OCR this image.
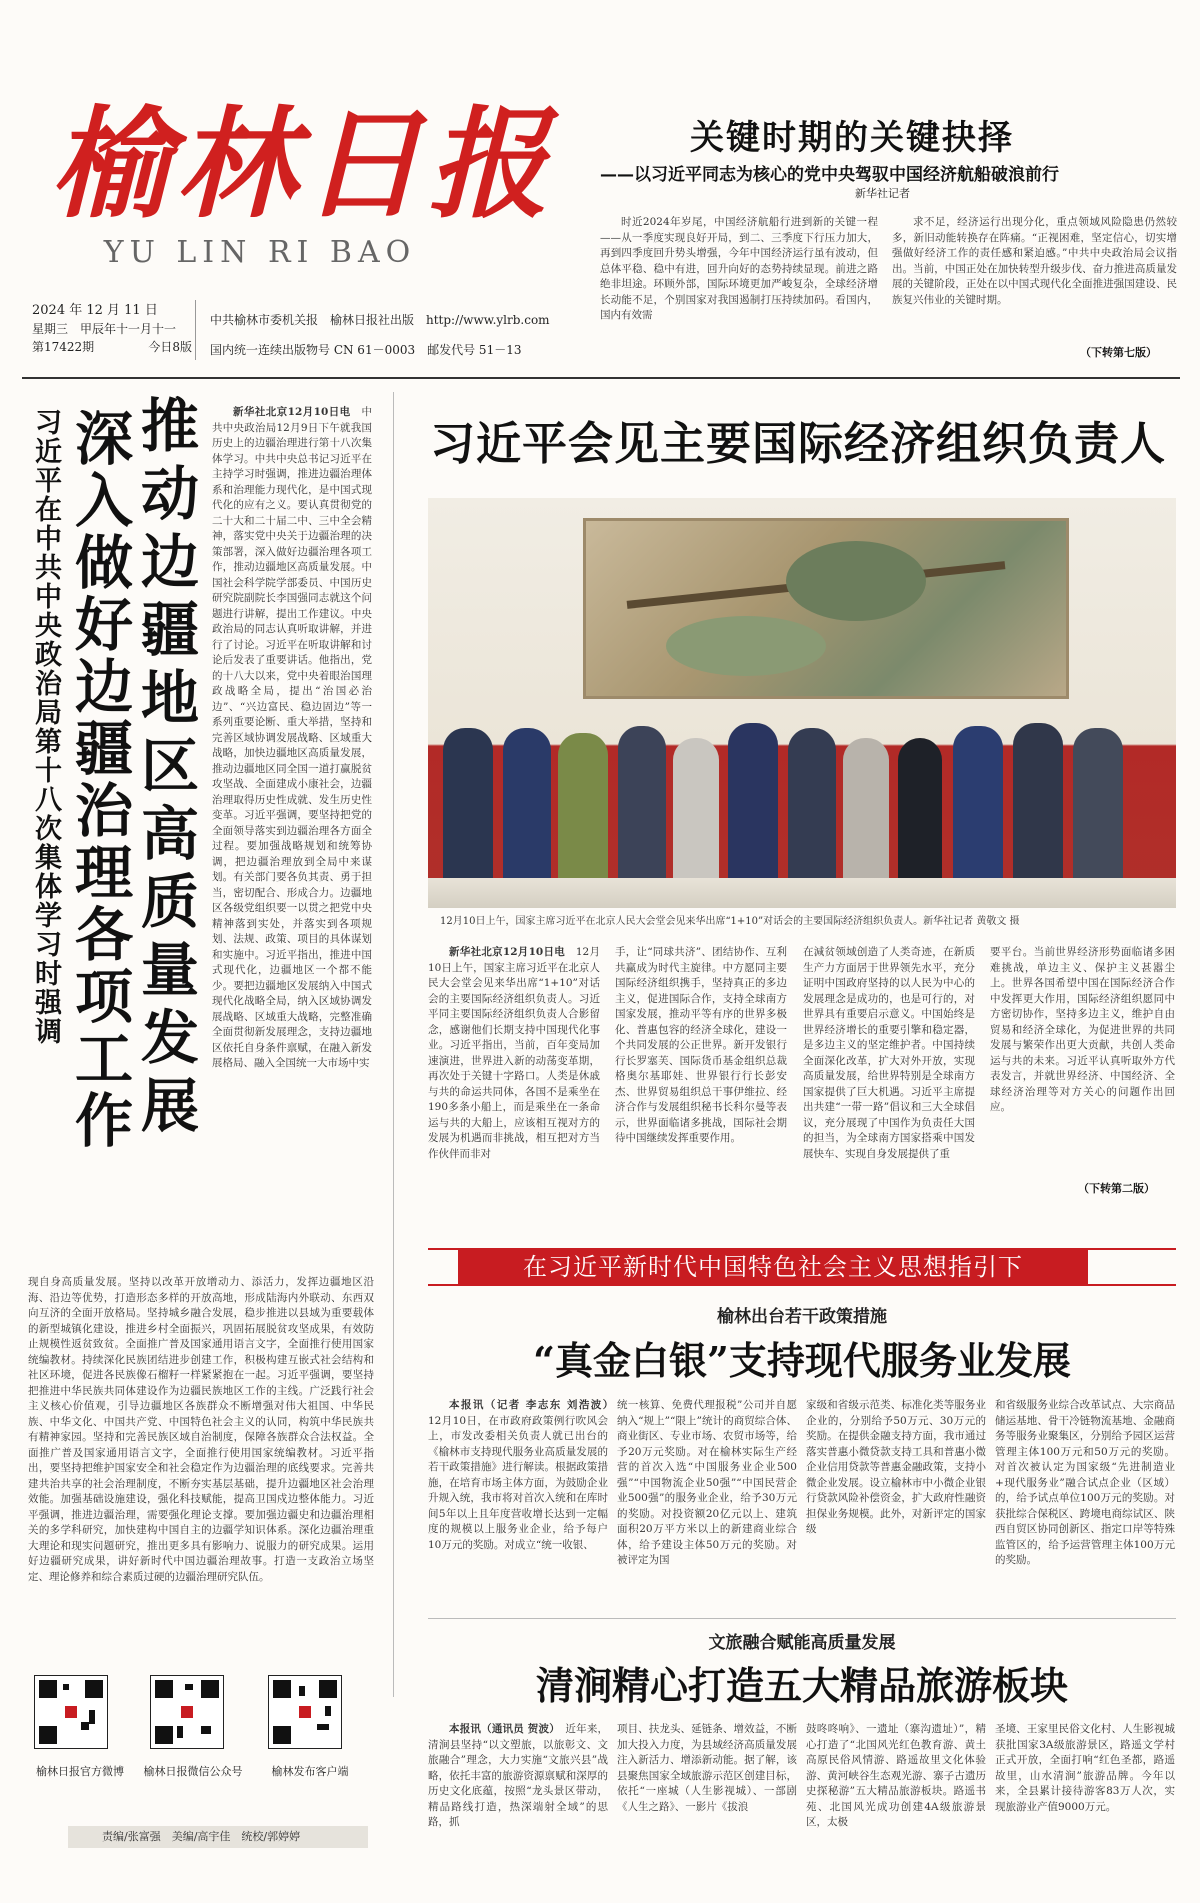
榆林日报
YU LIN RI BAO
2024 年 12 月 11 日
星期三　甲辰年十一月十一
第17422期	今日8版
中共榆林市委机关报　榆林日报社出版　http://www.ylrb.com
国内统一连续出版物号 CN 61－0003　邮发代号 51－13
关键时期的关键抉择
——以习近平同志为核心的党中央驾驭中国经济航船破浪前行
新华社记者

时近2024年岁尾，中国经济航船行进到新的关键一程——从一季度实现良好开局，到二、三季度下行压力加大，再到四季度回升势头增强，今年中国经济运行虽有波动，但总体平稳、稳中有进，回升向好的态势持续显现。前进之路绝非坦途。环顾外部，国际环境更加严峻复杂，全球经济增长动能不足，个别国家对我国遏制打压持续加码。看国内，国内有效需

求不足，经济运行出现分化，重点领域风险隐患仍然较多，新旧动能转换存在阵痛。“正视困难，坚定信心，切实增强做好经济工作的责任感和紧迫感。”中共中央政治局会议指出。当前，中国正处在加快转型升级步伐、奋力推进高质量发展的关键阶段，正处在以中国式现代化全面推进强国建设、民族复兴伟业的关键时期。

（下转第七版）
推动边疆地区高质量发展
深入做好边疆治理各项工作
习近平在中共中央政治局第十八次集体学习时强调	新华社北京12月10日电　 中共中央政治局12月9日下午就我国历史上的边疆治理进行第十八次集体学习。中共中央总书记习近平在主持学习时强调，推进边疆治理体系和治理能力现代化，是中国式现代化的应有之义。要认真贯彻党的二十大和二十届二中、三中全会精神，落实党中央关于边疆治理的决策部署，深入做好边疆治理各项工作，推动边疆地区高质量发展。中国社会科学院学部委员、中国历史研究院副院长李国强同志就这个问题进行讲解，提出工作建议。中央政治局的同志认真听取讲解，并进行了讨论。习近平在听取讲解和讨论后发表了重要讲话。他指出，党的十八大以来，党中央着眼治国理政战略全局，提出“治国必治边”、“兴边富民、稳边固边”等一系列重要论断、重大举措，坚持和完善区域协调发展战略、区域重大战略，加快边疆地区高质量发展，推动边疆地区同全国一道打赢脱贫攻坚战、全面建成小康社会，边疆治理取得历史性成就、发生历史性变革。习近平强调，要坚持把党的全面领导落实到边疆治理各方面全过程。要加强战略规划和统筹协调，把边疆治理放到全局中来谋划。有关部门要各负其责、勇于担当，密切配合、形成合力。边疆地区各级党组织要一以贯之把党中央精神落到实处，并落实到各项规划、法规、政策、项目的具体谋划和实施中。习近平指出，推进中国式现代化，边疆地区一个都不能少。要把边疆地区发展纳入中国式现代化战略全局，纳入区域协调发展战略、区域重大战略，完整准确全面贯彻新发展理念，支持边疆地区依托自身条件禀赋，在融入新发展格局、融入全国统一大市场中实

现自身高质量发展。坚持以改革开放增动力、添活力，发挥边疆地区沿海、沿边等优势，打造形态多样的开放高地，形成陆海内外联动、东西双向互济的全面开放格局。坚持城乡融合发展，稳步推进以县域为重要载体的新型城镇化建设，推进乡村全面振兴，巩固拓展脱贫攻坚成果，有效防止规模性返贫致贫。全面推广普及国家通用语言文字，全面推行使用国家统编教材。持续深化民族团结进步创建工作，积极构建互嵌式社会结构和社区环境，促进各民族像石榴籽一样紧紧抱在一起。习近平强调，要坚持把推进中华民族共同体建设作为边疆民族地区工作的主线。广泛践行社会主义核心价值观，引导边疆地区各族群众不断增强对伟大祖国、中华民族、中华文化、中国共产党、中国特色社会主义的认同，构筑中华民族共有精神家园。坚持和完善民族区域自治制度，保障各族群众合法权益。全面推广普及国家通用语言文字，全面推行使用国家统编教材。习近平指出，要坚持把维护国家安全和社会稳定作为边疆治理的底线要求。完善共建共治共享的社会治理制度，不断夯实基层基础，提升边疆地区社会治理效能。加强基础设施建设，强化科技赋能，提高卫国戍边整体能力。习近平强调，推进边疆治理，需要强化理论支撑。要加强边疆史和边疆治理相关的多学科研究，加快建构中国自主的边疆学知识体系。深化边疆治理重大理论和现实问题研究，推出更多具有影响力、说服力的研究成果。运用好边疆研究成果，讲好新时代中国边疆治理故事。打造一支政治立场坚定、理论修养和综合素质过硬的边疆治理研究队伍。

榆林日报官方微博	榆林日报微信公众号	榆林发布客户端
责编/张富强　美编/高宇佳　统校/郭婷婷
习近平会见主要国际经济组织负责人
12月10日上午，国家主席习近平在北京人民大会堂会见来华出席“1+10”对话会的主要国际经济组织负责人。新华社记者 黄敬文 摄

新华社北京12月10日电　 12月10日上午，国家主席习近平在北京人民大会堂会见来华出席“1+10”对话会的主要国际经济组织负责人。习近平同主要国际经济组织负责人合影留念，感谢他们长期支持中国现代化事业。习近平指出，当前，百年变局加速演进，世界进入新的动荡变革期，再次处于关键十字路口。人类是休戚与共的命运共同体，各国不是乘坐在190多条小船上，而是乘坐在一条命运与共的大船上，应该相互视对方的发展为机遇而非挑战，相互把对方当作伙伴而非对

手，让“同球共济”、团结协作、互利共赢成为时代主旋律。中方愿同主要国际经济组织携手，坚持真正的多边主义，促进国际合作，支持全球南方国家发展，推动平等有序的世界多极化、普惠包容的经济全球化，建设一个共同发展的公正世界。新开发银行行长罗塞芙、国际货币基金组织总裁格奥尔基耶娃、世界银行行长彭安杰、世界贸易组织总干事伊维拉、经济合作与发展组织秘书长科尔曼等表示，世界面临诸多挑战，国际社会期待中国继续发挥重要作用。

在減贫领域创造了人类奇迹，在新质生产力方面居于世界领先水平，充分证明中国政府坚持的以人民为中心的发展理念是成功的，也是可行的，对世界具有重要启示意义。中国始终是世界经济增长的重要引擎和稳定器，是多边主义的坚定维护者。中国持续全面深化改革，扩大对外开放，实现高质量发展，给世界特别是全球南方国家提供了巨大机遇。习近平主席提出共建“一带一路”倡议和三大全球倡议，充分展现了中国作为负责任大国的担当，为全球南方国家搭乘中国发展快车、实现自身发展提供了重

要平台。当前世界经济形势面临诸多困难挑战，单边主义、保护主义甚嚣尘上。世界各国希望中国在国际经济合作中发挥更大作用，国际经济组织愿同中方密切协作，坚持多边主义，维护自由贸易和经济全球化，为促进世界的共同发展与繁荣作出更大贡献，共创人类命运与共的未来。习近平认真听取外方代表发言，并就世界经济、中国经济、全球经济治理等对方关心的问题作出回应。

（下转第二版）
在习近平新时代中国特色社会主义思想指引下
榆林出台若干政策措施
“真金白银”支持现代服务业发展

本报讯（记者 李志东 刘浩波）　12月10日，在市政府政策例行吹风会上，市发改委相关负责人就已出台的《榆林市支持现代服务业高质量发展的若干政策措施》进行解读。根据政策措施，在培育市场主体方面，为鼓励企业升规入统，我市将对首次入统和在库时间5年以上且年度营收增长达到一定幅度的规模以上服务业企业，给予每户10万元的奖励。对成立“统一收银、

统一核算、免费代理报税”公司并自愿纳入“规上”“限上”统计的商贸综合体、商业街区、专业市场、农贸市场等，给予20万元奖励。对在榆林实际生产经营的首次入选“中国服务业企业500强”“中国物流企业50强”“中国民营企业500强”的服务业企业，给予30万元的奖励。对投资额20亿元以上、建筑面积20万平方米以上的新建商业综合体，给予建设主体50万元的奖励。对被评定为国

家级和省级示范类、标准化类等服务业企业的，分别给予50万元、30万元的奖励。在提供金融支持方面，我市通过落实普惠小微贷款支持工具和普惠小微企业信用贷款等普惠金融政策，支持小微企业发展。设立榆林市中小微企业银行贷款风险补偿资金，扩大政府性融资担保业务规模。此外，对新评定的国家级

和省级服务业综合改革试点、大宗商品储运基地、骨干冷链物流基地、金融商务等服务业聚集区，分别给予园区运营管理主体100万元和50万元的奖励。对首次被认定为国家级“先进制造业+现代服务业”融合试点企业（区域）的，给予试点单位100万元的奖励。对获批综合保税区、跨境电商综试区、陕西自贸区协同创新区、指定口岸等特殊监管区的，给予运营管理主体100万元的奖励。

文旅融合赋能高质量发展
清涧精心打造五大精品旅游板块

本报讯（通讯员 贺波）　 近年来，清涧县坚持“以文塑旅，以旅彰文、文旅融合”理念，大力实施“文旅兴县”战略，依托丰富的旅游资源禀赋和深厚的历史文化底蕴，按照“龙头景区带动，精品路线打造，热深端射全域”的思路，抓

项目、扶龙头、延链条、增效益，不断加大投入力度，为县域经济高质量发展注入新活力、增添新动能。据了解，该县聚焦国家全域旅游示范区创建目标，依托“一座城（人生影视城）、一部剧《人生之路》、一影片《拔浪

鼓咚咚响》、一遗址（寨沟遗址）”，精心打造了“北国风光红色教育游、黄土高原民俗风情游、路遥故里文化体验游、黄河峡谷生态观光游、寨子古遗历史探秘游”五大精品旅游板块。路遥书苑、北国风光成功创建4A级旅游景区，太极

圣境、王家里民俗文化村、人生影视城获批国家3A级旅游景区，路遥文学村正式开放，全面打响“红色圣都，路遥故里，山水清涧”旅游品牌。今年以来，全县累计接待游客83万人次，实现旅游业产值9000万元。
